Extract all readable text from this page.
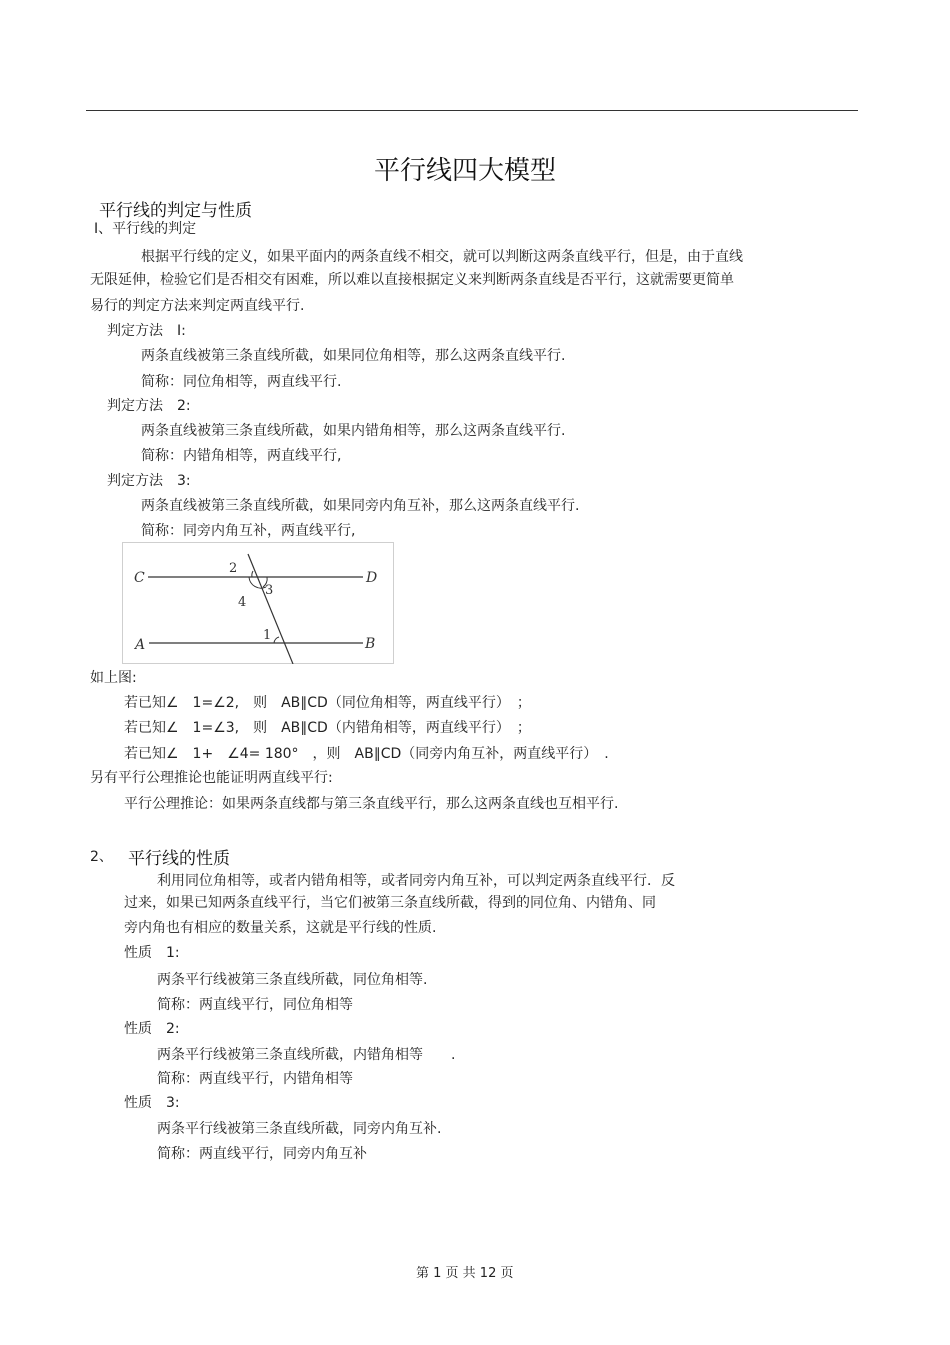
平行线四大模型
平行线的判定与性质
I、平行线的判定
根据平行线的定义，如果平面内的两条直线不相交，就可以判断这两条直线平行，但是，由于直线
无限延伸，检验它们是否相交有困难，所以难以直接根据定义来判断两条直线是否平行，这就需要更简单
易行的判定方法来判定两直线平行.
判定方法　I:
两条直线被第三条直线所截，如果同位角相等，那么这两条直线平行.
简称：同位角相等，两直线平行.
判定方法　2:
两条直线被第三条直线所截，如果内错角相等，那么这两条直线平行.
简称：内错角相等，两直线平行,
判定方法　3:
两条直线被第三条直线所截，如果同旁内角互补，那么这两条直线平行.
简称：同旁内角互补，两直线平行,
C	D
A	B
2
3
4
1
如上图:
若已知∠　1=∠2,　则　AB∥CD（同位角相等，两直线平行）　；
若已知∠　1=∠3,　则　AB∥CD（内错角相等，两直线平行）　；
若已知∠　1+　∠4= 180°　，则　AB∥CD（同旁内角互补，两直线平行）　.
另有平行公理推论也能证明两直线平行:
平行公理推论：如果两条直线都与第三条直线平行，那么这两条直线也互相平行.
2、 平行线的性质
利用同位角相等，或者内错角相等，或者同旁内角互补，可以判定两条直线平行．反
过来，如果已知两条直线平行，当它们被第三条直线所截，得到的同位角、内错角、同
旁内角也有相应的数量关系，这就是平行线的性质.
性质　1:
两条平行线被第三条直线所截，同位角相等.
简称：两直线平行，同位角相等
性质　2:
两条平行线被第三条直线所截，内错角相等　　.
简称：两直线平行，内错角相等
性质　3:
两条平行线被第三条直线所截，同旁内角互补.
简称：两直线平行，同旁内角互补
第 1 页 共 12 页
